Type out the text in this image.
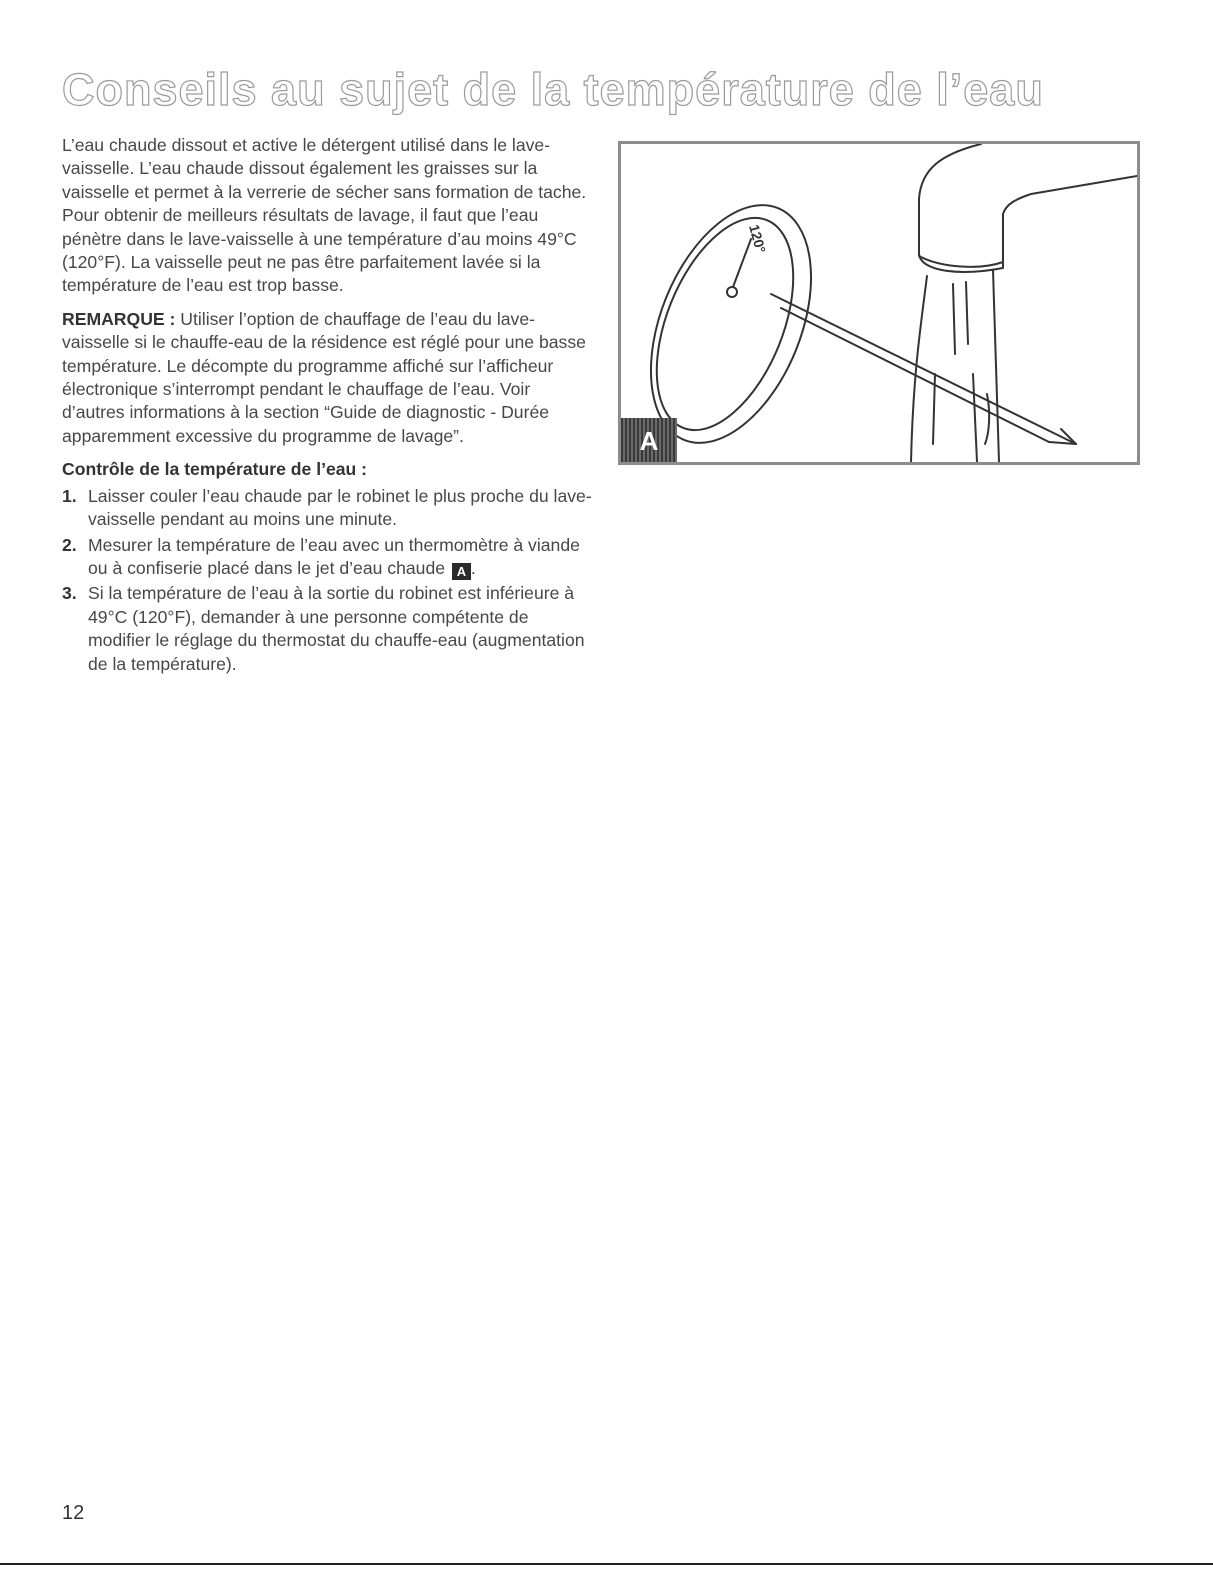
Conseils au sujet de la température de l’eau

L’eau chaude dissout et active le détergent utilisé dans le lave-vaisselle. L’eau chaude dissout également les graisses sur la vaisselle et permet à la verrerie de sécher sans formation de tache. Pour obtenir de meilleurs résultats de lavage, il faut que l’eau pénètre dans le lave-vaisselle à une température d’au moins 49°C (120°F). La vaisselle peut ne pas être parfaitement lavée si la température de l’eau est trop basse.

REMARQUE : Utiliser l’option de chauffage de l’eau du lave-vaisselle si le chauffe-eau de la résidence est réglé pour une basse température. Le décompte du programme affiché sur l’afficheur électronique s’interrompt pendant le chauffage de l’eau. Voir d’autres informations à la section “Guide de diagnostic - Durée apparemment excessive du programme de lavage”.

Contrôle de la température de l’eau :
1. Laisser couler l’eau chaude par le robinet le plus proche du lave-vaisselle pendant au moins une minute.
2. Mesurer la température de l’eau avec un thermomètre à viande ou à confiserie placé dans le jet d’eau chaude A .
3. Si la température de l’eau à la sortie du robinet est inférieure à 49°C (120°F), demander à une personne compétente de modifier le réglage du thermostat du chauffe-eau (augmentation de la température).
120°
A
12
